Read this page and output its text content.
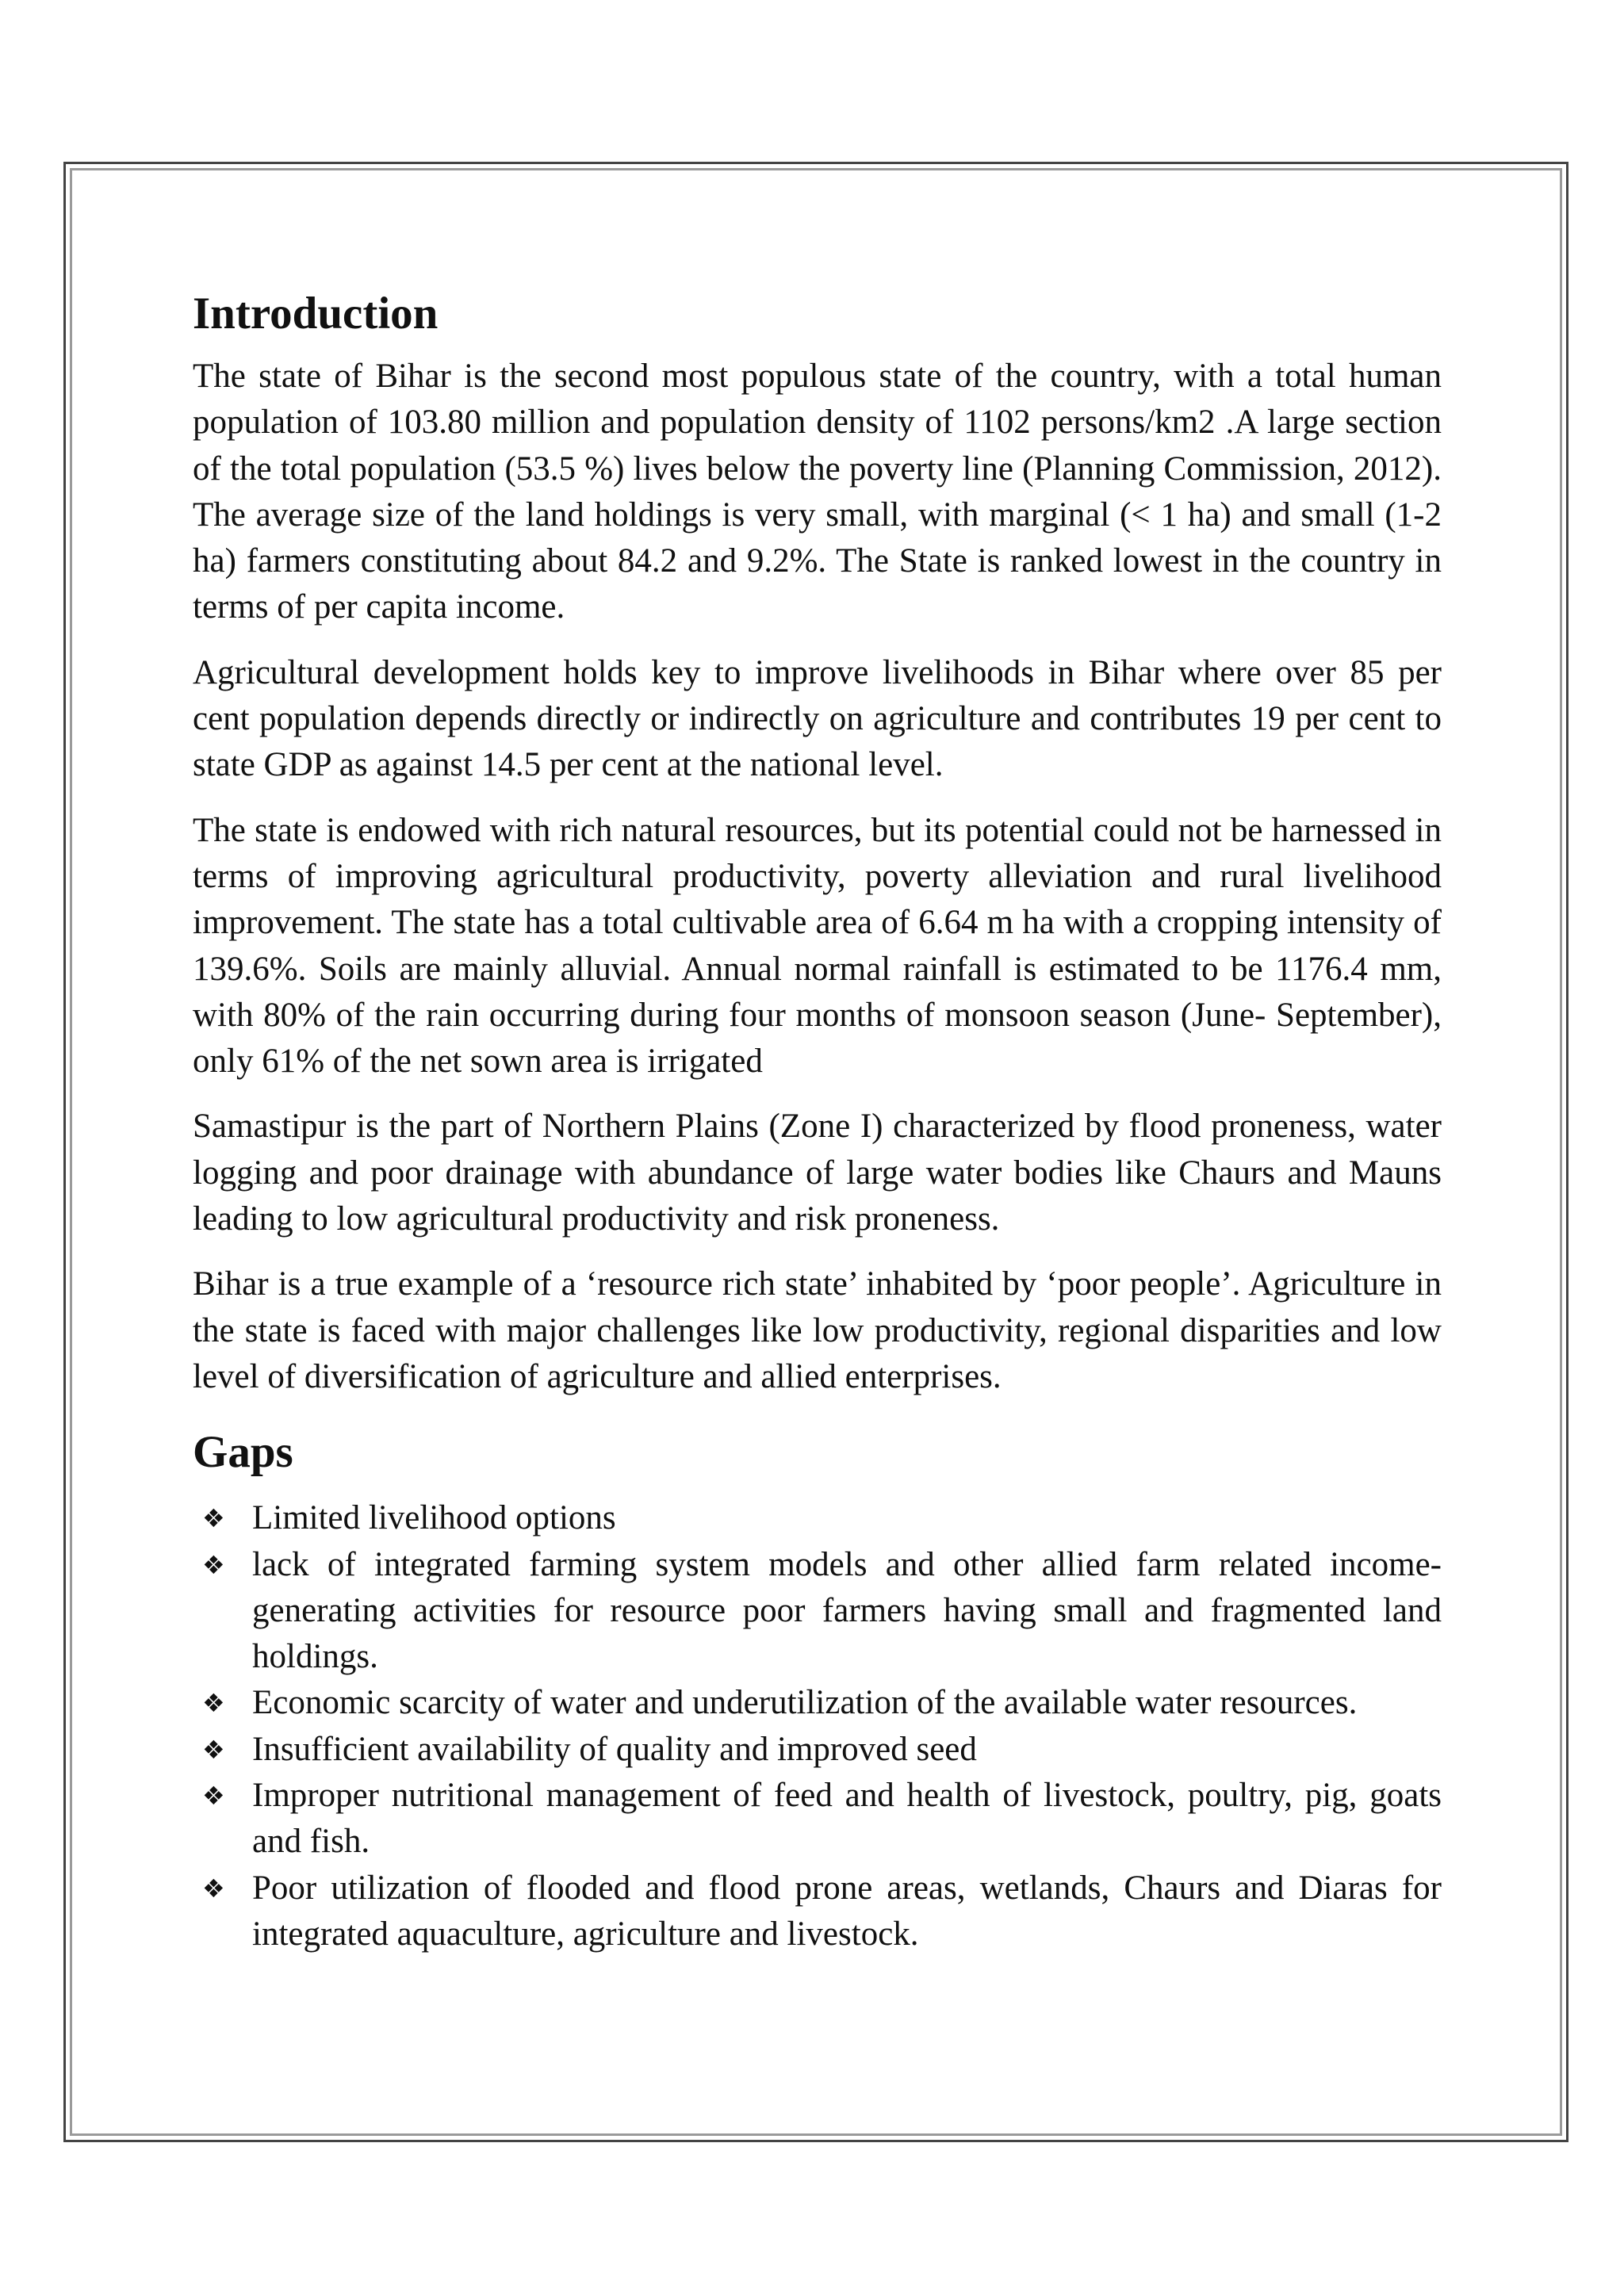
Introduction

The state of Bihar is the second most populous state of the country, with a total human population of 103.80 million and population density of 1102 persons/km2 .A large section of the total population (53.5 %) lives below the poverty line (Planning Commission, 2012). The average size of the land holdings is very small, with marginal (< 1 ha) and small (1-2 ha) farmers constituting about 84.2 and 9.2%. The State is ranked lowest in the country in terms of per capita income.

Agricultural development holds key to improve livelihoods in Bihar where over 85 per cent population depends directly or indirectly on agriculture and contributes 19 per cent to state GDP as against 14.5 per cent at the national level.

The state is endowed with rich natural resources, but its potential could not be harnessed in terms of improving agricultural productivity, poverty alleviation and rural livelihood improvement. The state has a total cultivable area of 6.64 m ha with a cropping intensity of 139.6%. Soils are mainly alluvial. Annual normal rainfall is estimated to be 1176.4 mm, with 80% of the rain occurring during four months of monsoon season (June- September), only 61% of the net sown area is irrigated

Samastipur is the part of Northern Plains (Zone I) characterized by flood proneness, water logging and poor drainage with abundance of large water bodies like Chaurs and Mauns leading to low agricultural productivity and risk proneness.

Bihar is a true example of a ‘resource rich state’ inhabited by ‘poor people’. Agriculture in the state is faced with major challenges like low productivity, regional disparities and low level of diversification of agriculture and allied enterprises.

Gaps
❖ Limited livelihood options
❖ lack of integrated farming system models and other allied farm related income-generating activities for resource poor farmers having small and fragmented land holdings.
❖ Economic scarcity of water and underutilization of the available water resources.
❖ Insufficient availability of quality and improved seed
❖ Improper nutritional management of feed and health of livestock, poultry, pig, goats and fish.
❖ Poor utilization of flooded and flood prone areas, wetlands, Chaurs and Diaras for integrated aquaculture, agriculture and livestock.
